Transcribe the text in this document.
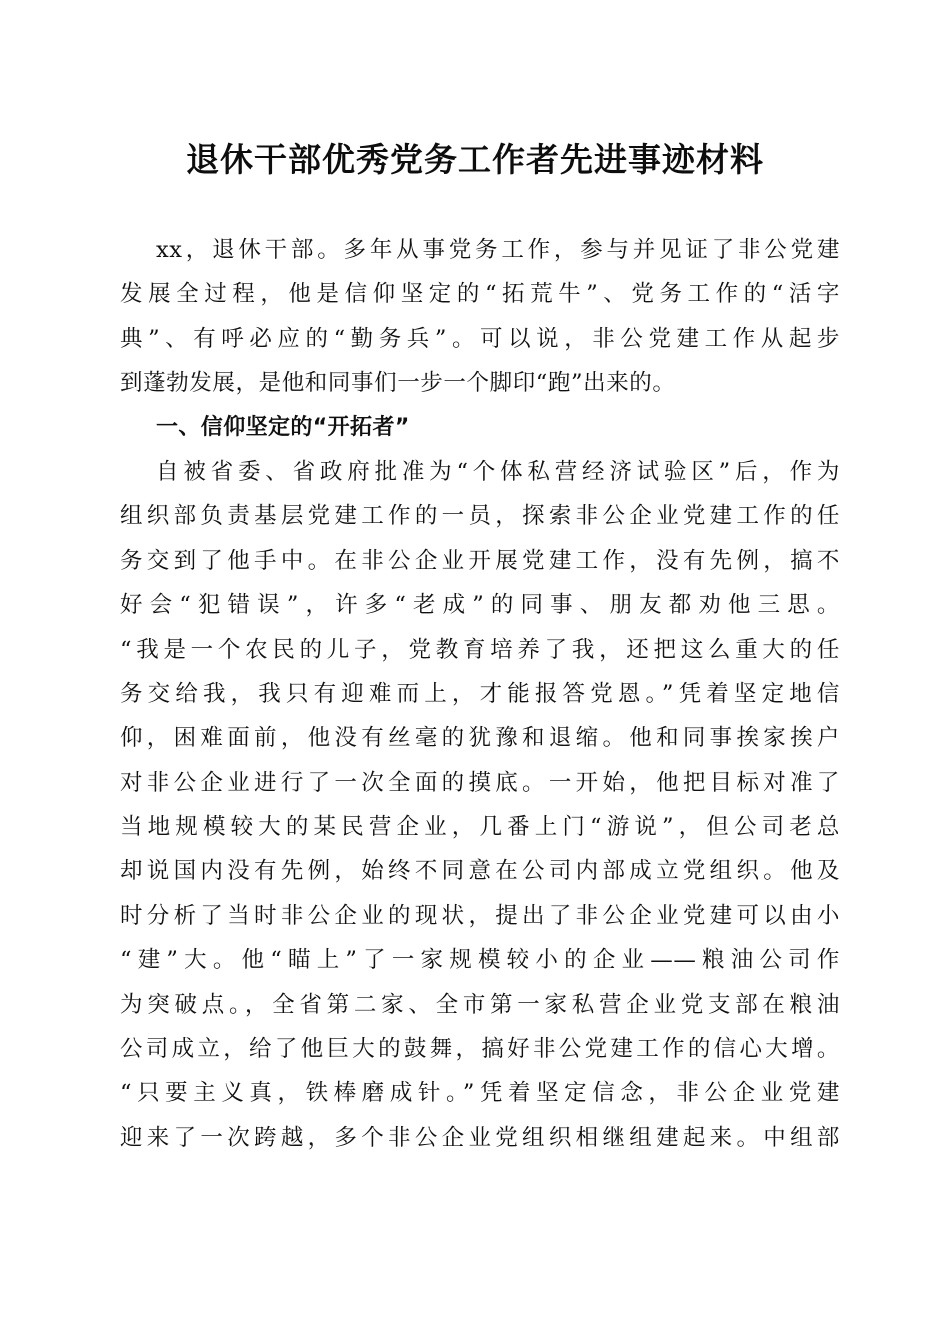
退休干部优秀党务工作者先进事迹材料
xx，退休干部。多年从事党务工作，参与并见证了非公党建
发展全过程，他是信仰坚定的“拓荒牛”、党务工作的“活字
典”、有呼必应的“勤务兵”。可以说，非公党建工作从起步
到蓬勃发展，是他和同事们一步一个脚印“跑”出来的。
一、信仰坚定的“开拓者”
自被省委、省政府批准为“个体私营经济试验区”后，作为
组织部负责基层党建工作的一员，探索非公企业党建工作的任
务交到了他手中。在非公企业开展党建工作，没有先例，搞不
好会“犯错误”，许多“老成”的同事、朋友都劝他三思。
“我是一个农民的儿子，党教育培养了我，还把这么重大的任
务交给我，我只有迎难而上，才能报答党恩。”凭着坚定地信
仰，困难面前，他没有丝毫的犹豫和退缩。他和同事挨家挨户
对非公企业进行了一次全面的摸底。一开始，他把目标对准了
当地规模较大的某民营企业，几番上门“游说”，但公司老总
却说国内没有先例，始终不同意在公司内部成立党组织。他及
时分析了当时非公企业的现状，提出了非公企业党建可以由小
“建”大。他“瞄上”了一家规模较小的企业——粮油公司作
为突破点。，全省第二家、全市第一家私营企业党支部在粮油
公司成立，给了他巨大的鼓舞，搞好非公党建工作的信心大增。
“只要主义真，铁棒磨成针。”凭着坚定信念，非公企业党建
迎来了一次跨越，多个非公企业党组织相继组建起来。中组部
